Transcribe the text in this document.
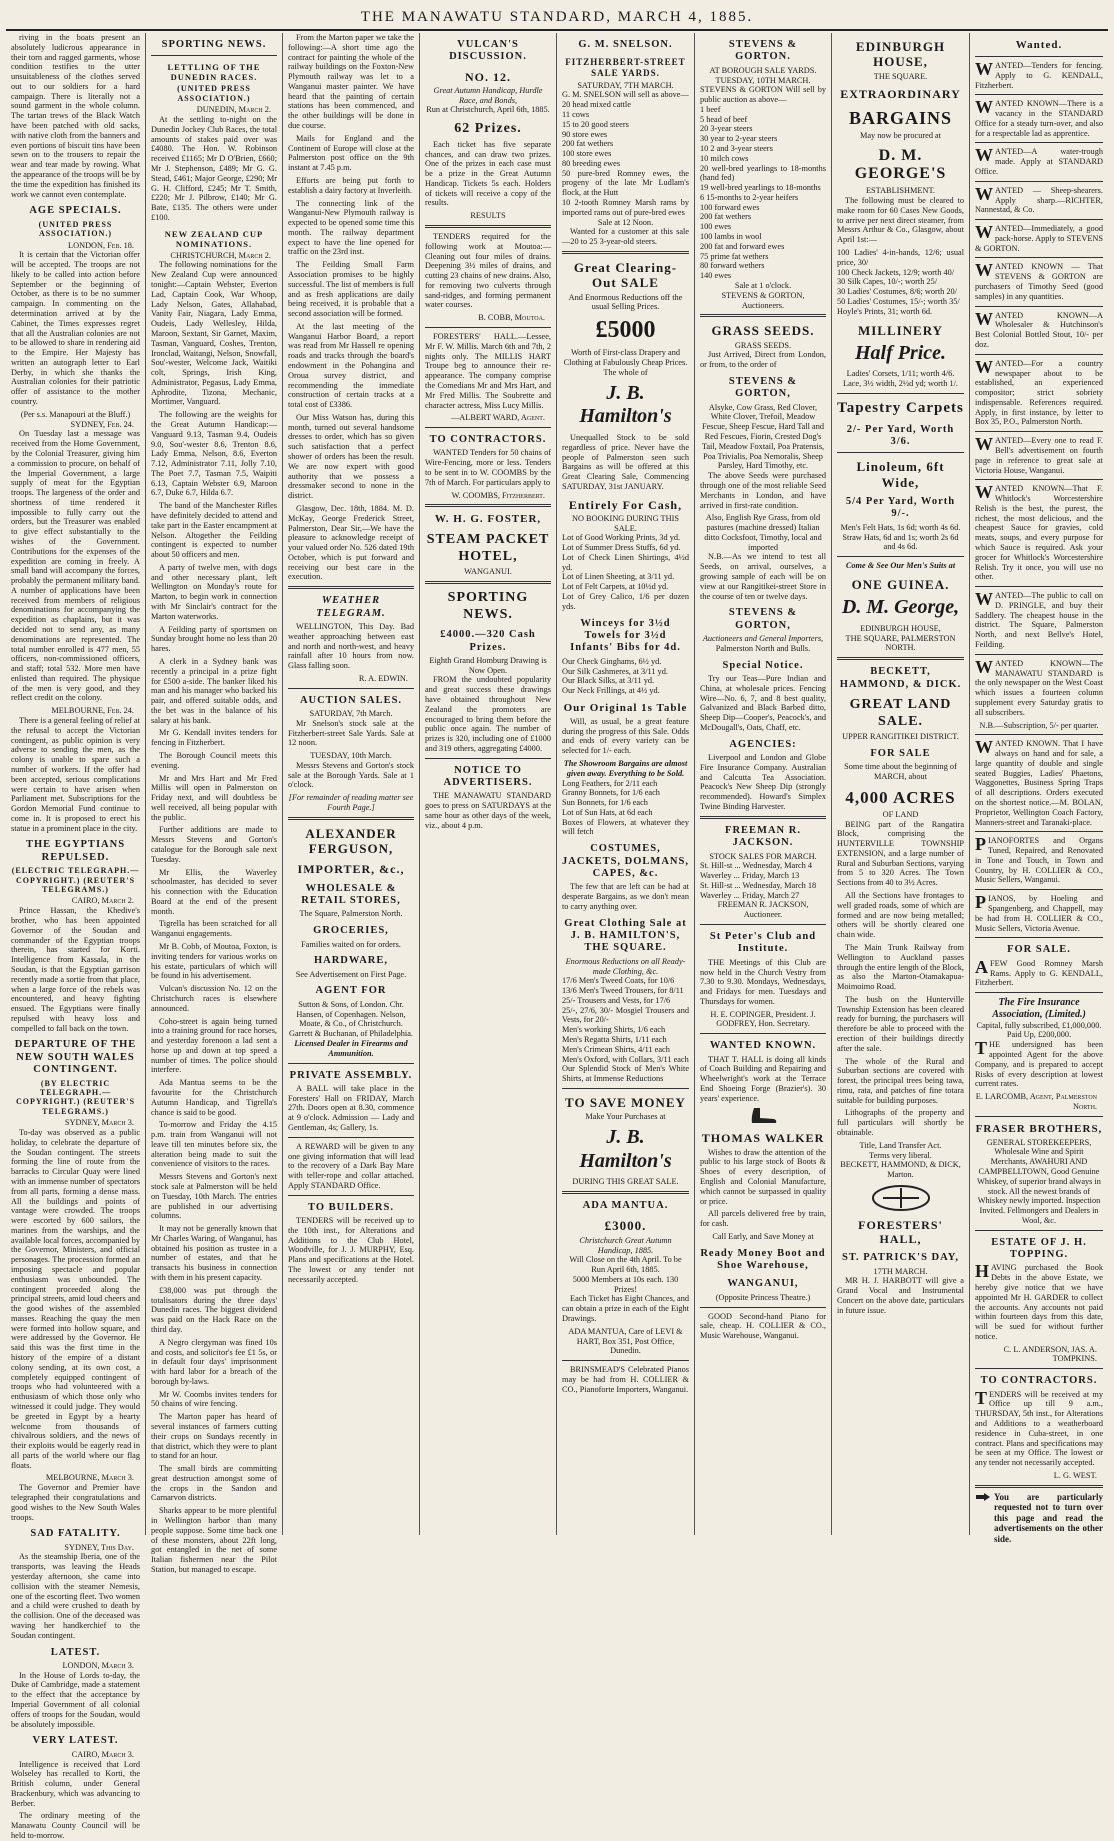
THE MANAWATU STANDARD, MARCH 4, 1885.

riving in the boats present an absolutely ludicrous appearance in their torn and ragged garments, whose condition testifies to the utter unsuitableness of the clothes served out to our soldiers for a hard campaign. There is literally not a sound garment in the whole column. The tartan trews of the Black Watch have been patched with old sacks, with native cloth from the banners and even portions of biscuit tins have been sewn on to the trousers to repair the wear and tear made by rowing. What the appearance of the troops will be by the time the expedition has finished its work we cannot even contemplate.

AGE SPECIALS.
(UNITED PRESS ASSOCIATION.)
LONDON, Feb. 18.

It is certain that the Victorian offer will be accepted. The troops are not likely to be called into action before September or the beginning of October, as there is to be no summer campaign. In commenting on the determination arrived at by the Cabinet, the Times expresses regret that all the Australian colonies are not to be allowed to share in rendering aid to the Empire. Her Majesty has written an autograph letter to Earl Derby, in which she thanks the Australian colonies for their patriotic offer of assistance to the mother country.

(Per s.s. Manapouri at the Bluff.)
SYDNEY, Feb. 24.

On Tuesday last a message was received from the Home Government, by the Colonial Treasurer, giving him a commission to procure, on behalf of the Imperial Government, a large supply of meat for the Egyptian troops. The largeness of the order and shortness of time rendered it impossible to fully carry out the orders, but the Treasurer was enabled to give effect substantially to the wishes of the Government. Contributions for the expenses of the expedition are coming in freely. A small band will accompany the forces, probably the permanent military band. A number of applications have been received from members of religious denominations for accompanying the expedition as chaplains, but it was decided not to send any, as many denominations are represented. The total number enrolled is 477 men, 55 officers, non-commissioned officers, and staff; total 532. More men have enlisted than required. The physique of the men is very good, and they reflect credit on the colony.

MELBOURNE, Feb. 24.

There is a general feeling of relief at the refusal to accept the Victorian contingent, as public opinion is very adverse to sending the men, as the colony is unable to spare such a number of workers. If the offer had been accepted, serious complications were certain to have arisen when Parliament met. Subscriptions for the Gordon Memorial Fund continue to come in. It is proposed to erect his statue in a prominent place in the city.

THE EGYPTIANS REPULSED.
(ELECTRIC TELEGRAPH.—COPYRIGHT.) (REUTER'S TELEGRAMS.)
CAIRO, March 2.

Prince Hassan, the Khedive's brother, who has been appointed Governor of the Soudan and commander of the Egyptian troops therein, has started for Korti. Intelligence from Kassala, in the Soudan, is that the Egyptian garrison recently made a sortie from that place, when a large force of the rebels was encountered, and heavy fighting ensued. The Egyptians were finally repulsed with heavy loss and compelled to fall back on the town.

DEPARTURE OF THE NEW SOUTH WALES CONTINGENT.
(BY ELECTRIC TELEGRAPH.—COPYRIGHT.) (REUTER'S TELEGRAMS.)
SYDNEY, March 3.

To-day was observed as a public holiday, to celebrate the departure of the Soudan contingent. The streets forming the line of route from the barracks to Circular Quay were lined with an immense number of spectators from all parts, forming a dense mass. All the buildings and points of vantage were crowded. The troops were escorted by 600 sailors, the marines from the warships, and the available local forces, accompanied by the Governor, Ministers, and official personages. The procession formed an imposing spectacle and popular enthusiasm was unbounded. The contingent proceeded along the principal streets, amid loud cheers and the good wishes of the assembled masses. Reaching the quay the men were formed into hollow square, and were addressed by the Governor. He said this was the first time in the history of the empire of a distant colony sending, at its own cost, a completely equipped contingent of troops who had volunteered with a enthusiasm of which those only who witnessed it could judge. They would be greeted in Egypt by a hearty welcome from thousands of chivalrous soldiers, and the news of their exploits would be eagerly read in all parts of the world where our flag floats.

MELBOURNE, March 3.

The Governor and Premier have telegraphed their congratulations and good wishes to the New South Wales troops.

SAD FATALITY.
SYDNEY, This Day.

As the steamship Iberia, one of the transports, was leaving the Heads yesterday afternoon, she came into collision with the steamer Nemesis, one of the escorting fleet. Two women and a child were crushed to death by the collision. One of the deceased was waving her handkerchief to the Soudan contingent.

LATEST.
LONDON, March 3.

In the House of Lords to-day, the Duke of Cambridge, made a statement to the effect that the acceptance by Imperial Government of all colonial offers of troops for the Soudan, would be absolutely impossible.

VERY LATEST.
CAIRO, March 3.

Intelligence is received that Lord Wolseley has recalled to Korti, the British column, under General Brackenbury, which was advancing to Berber.

The ordinary meeting of the Manawatu County Council will be held to-morrow.

SPORTING NEWS.
LETTLING OF THE DUNEDIN RACES.
(UNITED PRESS ASSOCIATION.)
DUNEDIN, March 2.

At the settling to-night on the Dunedin Jockey Club Races, the total amounts of stakes paid over was £4080. The Hon. W. Robinson received £1165; Mr D O'Brien, £660; Mr J. Stephenson, £489; Mr G. G. Stead, £461; Major George, £290; Mr G. H. Clifford, £245; Mr T. Smith, £220; Mr J. Pilbrow, £140; Mr G. Bate, £135. The others were under £100.

NEW ZEALAND CUP NOMINATIONS.
CHRISTCHURCH, March 2.

The following nominations for the New Zealand Cup were announced tonight:—Captain Webster, Everton Lad, Captain Cook, War Whoop, Lady Nelson, Gates, Allahabad, Vanity Fair, Niagara, Lady Emma, Oudeis, Lady Wellesley, Hilda, Maroon, Sextant, Sir Garnet, Maxim, Tasman, Vanguard, Coshes, Trenton, Ironclad, Waitangi, Nelson, Snowfall, Sou'-wester, Welcome Jack, Waitiki colt, Springs, Irish King, Administrator, Pegasus, Lady Emma, Aphrodite, Tizona, Mechanic, Mortimer, Vanguard.

The following are the weights for the Great Autumn Handicap:—Vanguard 9.13, Tasman 9.4, Oudeis 9.0, Sou'-wester 8.6, Trenton 8.6, Lady Emma, Nelson, 8.6, Everton 7.12, Administrator 7.11, Jolly 7.10, The Poet 7.7, Tasman 7.5, Waipiti 6.13, Captain Webster 6.9, Maroon 6.7, Duke 6.7, Hilda 6.7.

The band of the Manchester Rifles have definitely decided to attend and take part in the Easter encampment at Nelson. Altogether the Feilding contingent is expected to number about 50 officers and men.

A party of twelve men, with dogs and other necessary plant, left Wellington on Monday's route for Marton, to begin work in connection with Mr Sinclair's contract for the Marton waterworks.

A Feilding party of sportsmen on Sunday brought home no less than 20 hares.

A clerk in a Sydney bank was recently a principal in a prize fight for £500 a-side. The banker liked his man and his manager who backed his pair, and offered suitable odds, and the bet was in the balance of his salary at his bank.

Mr G. Kendall invites tenders for fencing in Fitzherbert.

The Borough Council meets this evening.

Mr and Mrs Hart and Mr Fred Millis will open in Palmerston on Friday next, and will doubtless be well received, all being popular with the public.

Further additions are made to Messrs Stevens and Gorton's catalogue for the Borough sale next Tuesday.

Mr Ellis, the Waverley schoolmaster, has decided to sever his connection with the Education Board at the end of the present month.

Tigrella has been scratched for all Wanganui engagements.

Mr B. Cobb, of Moutoa, Foxton, is inviting tenders for various works on his estate, particulars of which will be found in his advertisement.

Vulcan's discussion No. 12 on the Christchurch races is elsewhere announced.

Coho-street is again being turned into a training ground for race horses, and yesterday forenoon a lad sent a horse up and down at top speed a number of times. The police should interfere.

Ada Mantua seems to be the favourite for the Christchurch Autumn Handicap, and Tigrella's chance is said to be good.

To-morrow and Friday the 4.15 p.m. train from Wanganui will not leave till ten minutes before six, the alteration being made to suit the convenience of visitors to the races.

Messrs Stevens and Gorton's next stock sale at Palmerston will be held on Tuesday, 10th March. The entries are published in our advertising columns.

It may not be generally known that Mr Charles Waring, of Wanganui, has obtained his position as trustee in a number of estates, and that he transacts his business in connection with them in his present capacity.

£38,000 was put through the totalisators during the three days' Dunedin races. The biggest dividend was paid on the Hack Race on the third day.

A Negro clergyman was fined 10s and costs, and solicitor's fee £1 5s, or in default four days' imprisonment with hard labor for a breach of the borough by-laws.

Mr W. Coombs invites tenders for 50 chains of wire fencing.

The Marton paper has heard of several instances of farmers cutting their crops on Sundays recently in that district, which they were to plant to stand for an hour.

The small birds are committing great destruction amongst some of the crops in the Sandon and Carnarvon districts.

Sharks appear to be more plentiful in Wellington harbor than many people suppose. Some time back one of these monsters, about 22ft long, got entangled in the net of some Italian fishermen near the Pilot Station, but managed to escape.

From the Marton paper we take the following:—A short time ago the contract for painting the whole of the railway buildings on the Foxton-New Plymouth railway was let to a Wanganui master painter. We have heard that the painting of certain stations has been commenced, and the other buildings will be done in due course.

Mails for England and the Continent of Europe will close at the Palmerston post office on the 9th instant at 7.45 p.m.

Efforts are being put forth to establish a dairy factory at Inverleith.

The connecting link of the Wanganui-New Plymouth railway is expected to be opened some time this month. The railway department expect to have the line opened for traffic on the 23rd inst.

The Feilding Small Farm Association promises to be highly successful. The list of members is full and as fresh applications are daily being received, it is probable that a second association will be formed.

At the last meeting of the Wanganui Harbor Board, a report was read from Mr Hassell re opening roads and tracks through the board's endowment in the Pohangina and Oroua survey district, and recommending the immediate construction of certain tracks at a total cost of £3386.

Our Miss Watson has, during this month, turned out several handsome dresses to order, which has so given such satisfaction that a perfect shower of orders has been the result. We are now expert with good authority that we possess a dressmaker second to none in the district.

Glasgow, Dec. 18th, 1884. M. D. McKay, George Frederick Street, Palmerston, Dear Sir,—We have the pleasure to acknowledge receipt of your valued order No. 526 dated 19th October, which is put forward and receiving our best care in the execution.

WEATHER TELEGRAM.

WELLINGTON, This Day. Bad weather approaching between east and north and north-west, and heavy rainfall after 10 hours from now. Glass falling soon.

R. A. EDWIN.
AUCTION SALES.
SATURDAY, 7th March.

Mr Snelson's stock sale at the Fitzherbert-street Sale Yards. Sale at 12 noon.

TUESDAY, 10th March.

Messrs Stevens and Gorton's stock sale at the Borough Yards. Sale at 1 o'clock.

[For remainder of reading matter see Fourth Page.]
ALEXANDER FERGUSON,
IMPORTER, &c.,
WHOLESALE & RETAIL STORES,
The Square, Palmerston North.
GROCERIES,
Families waited on for orders.
HARDWARE,
See Advertisement on First Page.
AGENT FOR
Sutton & Sons, of London. Chr. Hansen, of Copenhagen. Nelson, Moate, & Co., of Christchurch. Garrett & Buchanan, of Philadelphia.
Licensed Dealer in Firearms and Ammunition.
PRIVATE ASSEMBLY.

A BALL will take place in the Foresters' Hall on FRIDAY, March 27th. Doors open at 8.30, commence at 9 o'clock. Admission — Lady and Gentleman, 4s; Gallery, 1s.

A REWARD will be given to any one giving information that will lead to the recovery of a Dark Bay Mare with teller-rope and collar attached. Apply STANDARD Office.

TO BUILDERS.

TENDERS will be received up to the 10th inst., for Alterations and Additions to the Club Hotel, Woodville, for J. J. MURPHY, Esq. Plans and specifications at the Hotel. The lowest or any tender not necessarily accepted.

VULCAN'S DISCUSSION.
NO. 12.
Great Autumn Handicap, Hurdle Race, and Bonds,
Run at Christchurch, April 6th, 1885.
62 Prizes.

Each ticket has five separate chances, and can draw two prizes. One of the prizes in each case must be a prize in the Great Autumn Handicap. Tickets 5s each. Holders of tickets will receive a copy of the results.

RESULTS

TENDERS required for the following work at Moutoa:— Cleaning out four miles of drains. Deepening 3½ miles of drains, and cutting 23 chains of new drains. Also, for removing two culverts through sand-ridges, and forming permanent water courses.

B. COBB, Moutoa.

FORESTERS' HALL.—Lessee, Mr F. W. Millis. March 6th and 7th, 2 nights only. The MILLIS HART Troupe beg to announce their re-appearance. The company comprise the Comedians Mr and Mrs Hart, and Mr Fred Millis. The Soubrette and character actress, Miss Lucy Millis.

—ALBERT WARD, Agent.
TO CONTRACTORS.

WANTED Tenders for 50 chains of Wire-Fencing, more or less. Tenders to be sent in to W. COOMBS by the 7th of March. For particulars apply to

W. COOMBS, Fitzherbert.
W. H. G. FOSTER,
STEAM PACKET HOTEL,
WANGANUI.
SPORTING NEWS.
£4000.—320 Cash Prizes.
Eighth Grand Homburg Drawing is Now Open.

FROM the undoubted popularity and great success these drawings have obtained throughout New Zealand the promoters are encouraged to bring them before the public once again. The number of prizes is 320, including one of £1000 and 319 others, aggregating £4000.

NOTICE TO ADVERTISERS.

THE MANAWATU STANDARD goes to press on SATURDAYS at the same hour as other days of the week, viz., about 4 p.m.

G. M. SNELSON.
FITZHERBERT-STREET SALE YARDS.
SATURDAY, 7TH MARCH.
G. M. SNELSON will sell as above—
20 head mixed cattle
11 cows
15 to 20 good steers
90 store ewes
200 fat wethers
100 store ewes
80 breeding ewes
50 pure-bred Romney ewes, the progeny of the late Mr Ludlam's flock, at the Hutt
10 2-tooth Romney Marsh rams by imported rams out of pure-bred ewes
Sale at 12 Noon.

Wanted for a customer at this sale—20 to 25 3-year-old steers.

Great Clearing-Out SALE
And Enormous Reductions off the usual Selling Prices.
£5000
Worth of First-class Drapery and Clothing at Fabulously Cheap Prices. The whole of
J. B. Hamilton's

Unequalled Stock to be sold regardless of price. Never have the people of Palmerston seen such Bargains as will be offered at this Great Clearing Sale, Commencing SATURDAY, 31st JANUARY.

Entirely For Cash,
NO BOOKING DURING THIS SALE.
Lot of Good Working Prints, 3d yd.
Lot of Summer Dress Stuffs, 6d yd.
Lot of Check Linen Shirtings, 4½d yd.
Lot of Linen Sheeting, at 3/11 yd.
Lot of Felt Carpets, at 10½d yd.
Lot of Grey Calico, 1/6 per dozen yds.
Winceys for 3½d Towels for 3½d Infants' Bibs for 4d.
Our Check Ginghams, 6½ yd.
Our Silk Cashmeres, at 3/11 yd.
Our Black Silks, at 3/11 yd.
Our Neck Frillings, at 4½ yd.
Our Original 1s Table

Will, as usual, be a great feature during the progress of this Sale. Odds and ends of every variety can be selected for 1/- each.

The Showroom Bargains are almost given away. Everything to be Sold.
Long Feathers, for 2/11 each
Granny Bonnets, for 1/6 each
Sun Bonnets, for 1/6 each
Lot of Sun Hats, at 6d each
Boxes of Flowers, at whatever they will fetch
COSTUMES, JACKETS, DOLMANS, CAPES, &c.

The few that are left can be had at desperate Bargains, as we don't mean to carry anything over.

Great Clothing Sale at J. B. HAMILTON'S, THE SQUARE.
Enormous Reductions on all Ready-made Clothing, &c.
17/6 Men's Tweed Coats, for 10/6
13/6 Men's Tweed Trousers, for 8/11
25/- Trousers and Vests, for 17/6
25/-, 27/6, 30/- Mosgiel Trousers and Vests, for 20/-
Men's working Shirts, 1/6 each
Men's Regatta Shirts, 1/11 each
Men's Crimean Shirts, 4/11 each
Men's Oxford, with Collars, 3/11 each
Our Splendid Stock of Men's White Shirts, at Immense Reductions
TO SAVE MONEY
Make Your Purchases at
J. B. Hamilton's
DURING THIS GREAT SALE.
ADA MANTUA.
£3000.
Christchurch Great Autumn Handicap, 1885.
Will Close on the 4th April. To be Run April 6th, 1885.
5000 Members at 10s each. 130 Prizes!

Each Ticket has Eight Chances, and can obtain a prize in each of the Eight Drawings.

ADA MANTUA, Care of LEVI & HART, Box 351, Post Office, Dunedin.

BRINSMEAD'S Celebrated Pianos may be had from H. COLLIER & CO., Pianoforte Importers, Wanganui.

STEVENS & GORTON.
AT BOROUGH SALE YARDS.
TUESDAY, 10TH MARCH.
STEVENS & GORTON Will sell by public auction as above—
1 beef
5 head of beef
20 3-year steers
30 year to 2-year steers
10 2 and 3-year steers
10 milch cows
20 well-bred yearlings to 18-months (hand fed)
19 well-bred yearlings to 18-months
6 15-months to 2-year heifers
100 forward ewes
200 fat wethers
100 ewes
100 lambs in wool
200 fat and forward ewes
75 prime fat wethers
80 forward wethers
140 ewes
Sale at 1 o'clock.
STEVENS & GORTON, Auctioneers.
GRASS SEEDS.
GRASS SEEDS.

Just Arrived, Direct from London, or from, to the order of

STEVENS & GORTON,
Alsyke, Cow Grass, Red Clover, White Clover, Trefoil, Meadow Fescue, Sheep Fescue, Hard Tall and Red Fescues, Fiorin, Crested Dog's Tail, Meadow Foxtail, Poa Pratensis, Poa Trivialis, Poa Nemoralis, Sheep Parsley, Hard Timothy, etc.

The above Seeds were purchased through one of the most reliable Seed Merchants in London, and have arrived in first-rate condition.

Also, English Rye Grass, from old pastures (machine dressed) Italian ditto Cocksfoot, Timothy, local and imported

N.B.—As we intend to test all Seeds, on arrival, ourselves, a growing sample of each will be on view at our Rangitikei-street Store in the course of ten or twelve days.

STEVENS & GORTON,
Auctioneers and General Importers,
Palmerston North and Bulls.
Special Notice.

Try our Teas—Pure Indian and China, at wholesale prices. Fencing Wire—No. 6, 7, and 8 best quality, Galvanized and Black Barbed ditto, Sheep Dip—Cooper's, Peacock's, and McDougall's, Oats, Chaff, etc.

AGENCIES:

Liverpool and London and Globe Fire Insurance Company. Australian and Calcutta Tea Association. Peacock's New Sheep Dip (strongly recommended). Howard's Simplex Twine Binding Harvester.

FREEMAN R. JACKSON.
STOCK SALES FOR MARCH.
St. Hill-st ... Wednesday, March 4
Waverley ... Friday, March 13
St. Hill-st ... Wednesday, March 18
Waverley ... Friday, March 27
FREEMAN R. JACKSON, Auctioneer.
St Peter's Club and Institute.

THE Meetings of this Club are now held in the Church Vestry from 7.30 to 9.30. Mondays, Wednesdays, and Fridays for men. Tuesdays and Thursdays for women.

H. E. COPINGER, President. J. GODFREY, Hon. Secretary.
WANTED KNOWN.

THAT T. HALL is doing all kinds of Coach Building and Repairing and Wheelwright's work at the Terrace End Shoeing Forge (Brazier's). 30 years' experience.

THOMAS WALKER

Wishes to draw the attention of the public to his large stock of Boots & Shoes of every description, of English and Colonial Manufacture, which cannot be surpassed in quality or price.

All parcels delivered free by train, for cash.

Call Early, and Save Money at
Ready Money Boot and Shoe Warehouse,
WANGANUI,
(Opposite Princess Theatre.)

GOOD Second-hand Piano for sale, cheap. H. COLLIER & CO., Music Warehouse, Wanganui.

EDINBURGH HOUSE,
THE SQUARE.
EXTRAORDINARY
BARGAINS
May now be procured at
D. M. GEORGE'S
ESTABLISHMENT.

The following must be cleared to make room for 60 Cases New Goods, to arrive per next direct steamer, from Messrs Arthur & Co., Glasgow, about April 1st:—

100 Ladies' 4-in-hands, 12/6; usual price, 30/
100 Check Jackets, 12/9; worth 40/
30 Silk Capes, 10/-; worth 25/
30 Ladies' Costumes, 8/6; worth 20/
50 Ladies' Costumes, 15/-; worth 35/
Hoyle's Prints, 31; worth 6d.
MILLINERY
Half Price.
Ladies' Corsets, 1/11; worth 4/6. Lace, 3½ width, 2½d yd; worth 1/.
Tapestry Carpets
2/- Per Yard, Worth 3/6.
Linoleum, 6ft Wide,
5/4 Per Yard, Worth 9/-.
Men's Felt Hats, 1s 6d; worth 4s 6d. Straw Hats, 6d and 1s; worth 2s 6d and 4s 6d.
Come & See Our Men's Suits at
ONE GUINEA.
D. M. George,
EDINBURGH HOUSE,
THE SQUARE, PALMERSTON NORTH.
BECKETT, HAMMOND, & DICK.
GREAT LAND SALE.
UPPER RANGITIKEI DISTRICT.
FOR SALE
Some time about the beginning of MARCH, about
4,000 ACRES
OF LAND

BEING part of the Rangatira Block, comprising the HUNTERVILLE TOWNSHIP EXTENSION, and a large number of Rural and Suburban Sections, varying from 5 to 320 Acres. The Town Sections from 40 to 3½ Acres.

All the Sections have frontages to well graded roads, some of which are formed and are now being metalled; others will be shortly cleared one chain wide.

The Main Trunk Railway from Wellington to Auckland passes through the entire length of the Block, as also the Marton-Otamakapua-Moimoimo Road.

The bush on the Hunterville Township Extension has been cleared ready for burning, the purchasers will therefore be able to proceed with the erection of their buildings directly after the sale.

The whole of the Rural and Suburban sections are covered with forest, the principal trees being tawa, rimu, rata, and patches of fine totara suitable for building purposes.

Lithographs of the property and full particulars will shortly be obtainable.

Title, Land Transfer Act.
Terms very liberal.
BECKETT, HAMMOND, & DICK, Marton.
FORESTERS' HALL,
ST. PATRICK'S DAY,
17TH MARCH.

MR H. J. HARBOTT will give a Grand Vocal and Instrumental Concert on the above date, particulars in future issue.

Wanted.

WANTED—Tenders for fencing. Apply to G. KENDALL, Fitzherbert.

WANTED KNOWN—There is a vacancy in the STANDARD Office for a steady turn-over, and also for a respectable lad as apprentice.

WANTED—A water-trough made. Apply at STANDARD Office.

WANTED — Sheep-shearers. Apply sharp.—RICHTER, Nannestad, & Co.

WANTED—Immediately, a good pack-horse. Apply to STEVENS & GORTON.

WANTED KNOWN — That STEVENS & GORTON are purchasers of Timothy Seed (good samples) in any quantities.

WANTED KNOWN—A Wholesaler & Hutchinson's Best Colonial Bottled Stout, 10/- per doz.

WANTED—For a country newspaper about to be established, an experienced compositor; strict sobriety indispensable. References required. Apply, in first instance, by letter to Box 35, P.O., Palmerston North.

WANTED—Every one to read F. Bell's advertisement on fourth page in reference to great sale at Victoria House, Wanganui.

WANTED KNOWN—That F. Whitlock's Worcestershire Relish is the best, the purest, the richest, the most delicious, and the cheapest Sauce for gravies, cold meats, soups, and every purpose for which Sauce is required. Ask your grocer for Whitlock's Worcestershire Relish. Try it once, you will use no other.

WANTED—The public to call on D. PRINGLE, and buy their Saddlery. The cheapest house in the district. The Square, Palmerston North, and next Bellve's Hotel, Feilding.

WANTED KNOWN—The MANAWATU STANDARD is the only newspaper on the West Coast which issues a fourteen column supplement every Saturday gratis to all subscribers.

N.B.—Subscription, 5/- per quarter.

WANTED KNOWN. That I have always on hand and for sale, a large quantity of double and single seated Buggies, Ladies' Phaetons, Waggonettes, Business Spring Traps of all descriptions. Orders executed on the shortest notice.—M. BOLAN, Proprietor, Wellington Coach Factory, Manners-street and Taranaki-place.

PIANOFORTES and Organs Tuned, Repaired, and Renovated in Tone and Touch, in Town and Country, by H. COLLIER & CO., Music Sellers, Wanganui.

PIANOS, by Hoeling and Spangenberg, and Chappell, may be had from H. COLLIER & CO., Music Sellers, Victoria Avenue.

FOR SALE.

AFEW Good Romney Marsh Rams. Apply to G. KENDALL, Fitzherbert.

The Fire Insurance Association, (Limited.)
Capital, fully subscribed, £1,000,000.
Paid Up, £200,000.

THE undersigned has been appointed Agent for the above Company, and is prepared to accept Risks of every description at lowest current rates.

E. LARCOMB, Agent, Palmerston North.
FRASER BROTHERS,
GENERAL STOREKEEPERS,
Wholesale Wine and Spirit Merchants, AWAHURI AND CAMPBELLTOWN, Good Genuine Whiskey, of superior brand always in stock. All the newest brands of Whiskey newly imported. Inspection Invited. Fellmongers and Dealers in Wool, &c.
ESTATE OF J. H. TOPPING.

HAVING purchased the Book Debts in the above Estate, we hereby give notice that we have appointed Mr H. GARDER to collect the accounts. Any accounts not paid within fourteen days from this date, will be sued for without further notice.

C. L. ANDERSON, JAS. A. TOMPKINS.
TO CONTRACTORS.

TENDERS will be received at my Office up till 9 a.m., THURSDAY, 5th inst., for Alterations and Additions to a weatherboard residence in Cuba-street, in one contract. Plans and specifications may be seen at my Office. The lowest or any tender not necessarily accepted.

L. G. WEST.
You are particularly requested not to turn over this page and read the advertisements on the other side.
